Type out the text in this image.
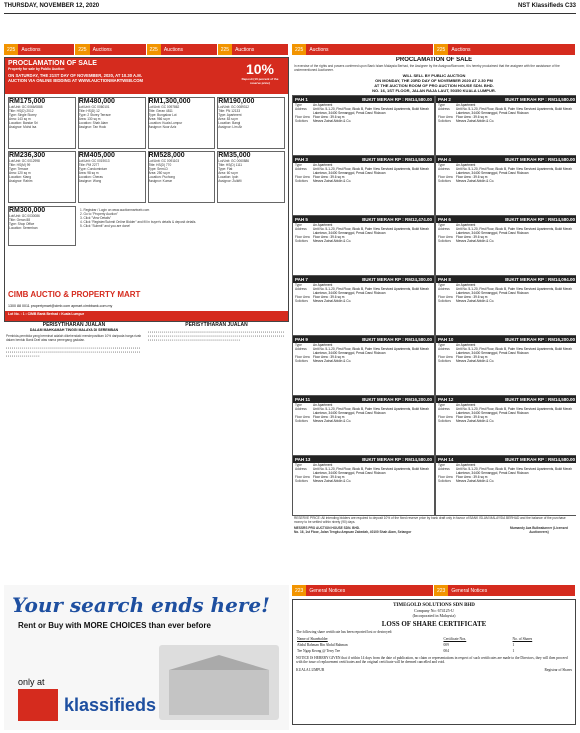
THURSDAY, NOVEMBER 12, 2020	NST Klassifieds C33
225	Auctions	225	Auctions	225	Auctions	225	Auctions	225	Auctions	225	Auctions
PROCLAMATION OF SALE
Property for sale by Public Auction
ON SATURDAY, THE 21ST DAY OF NOVEMBER, 2020, AT 10.30 A.M.
AUCTION VIA ONLINE BIDDING AT WWW.AUCTIONMARTWEB.COM
10%
Deposit (10 percent of the reserve price)
RM175,000
Lot/Unit: GC 0066/0888
Title: HS(D) 2012
Type: Single Storey
Area: 143 sq m
Location: Bandar Sri
Assignor: Mohd Isa
RM480,000
Lot/Unit: GC 0060101
Title: HS(D) 12
Type: 2 Storey Terrace
Area: 130 sq m
Location: Shah Alam
Assignor: Tan Hock
RM1,300,000
Lot/Unit: GC 0097862
Title: Geran 4811
Type: Bungalow Lot
Area: 966 sq m
Location: Kuala Lumpur
Assignor: Noor Aziz
RM190,000
Lot/Unit: GC 0089312
Title: PN 12133
Type: Apartment
Area: 83 sq m
Location: Bangi
Assignor: Lim Ah
RM236,300
Lot/Unit: GC 0012998
Title: HS(M) 99
Type: Terrace
Area: 120 sq m
Location: Klang
Assignor: Rahim
RM405,000
Lot/Unit: GC 0019013
Title: PM 2277
Type: Condominium
Area: 98 sq m
Location: Cheras
Assignor: Wong
RM528,000
Lot/Unit: GC 0091103
Title: HS(D) 770
Type: Semi-D
Area: 250 sq m
Location: Puchong
Assignor: Kumar
RM35,000
Lot/Unit: GC 0060886
Title: HS(D) 1111
Type: Flat
Area: 60 sq m
Location: Ipoh
Assignor: Zulkifli
RM300,000
Lot/Unit: GC 0030086
Title: Geran 88
Type: Shop Office
Location: Seremban
1. Registrar / Login on www.auctionmartweb.com
2. Go to "Property Auction"
3. Click "View Details"
4. Click "Register/Submit Online Bidder" and fill in buyer's details & deposit details.
5. Click "Submit" and you are done!
CIMB AUCTIO & PROPERTY MART
1300 88 0011 propertymart@cimb.com apmart.cimbbank.com.my
Lot No. : 1 • CIMB Bank Berhad • Kuala Lumpur
PERISYTIHARAN JUALAN
DALAM MAHKAMAH TINGGI MALAYA DI SEREMBAN
Pembida-pembida yang berminat adalah dikehendaki mendepositkan 10% daripada harga rizab dalam bentuk Bank Draf atas nama pemegang gadaian.
▪ ▪ ▪ ▪ ▪ ▪ ▪ ▪ ▪ ▪ ▪ ▪ ▪ ▪ ▪ ▪ ▪ ▪ ▪ ▪ ▪ ▪ ▪ ▪ ▪ ▪ ▪ ▪ ▪ ▪ ▪ ▪ ▪ ▪ ▪ ▪ ▪ ▪ ▪ ▪ ▪ ▪ ▪ ▪ ▪ ▪ ▪ ▪ ▪ ▪ ▪ ▪ ▪ ▪ ▪ ▪ ▪ ▪ ▪ ▪ ▪ ▪ ▪ ▪ ▪ ▪ ▪ ▪ ▪ ▪ ▪ ▪ ▪ ▪ ▪ ▪ ▪ ▪ ▪ ▪ ▪ ▪ ▪ ▪ ▪ ▪ ▪ ▪ ▪ ▪ ▪ ▪ ▪ ▪ ▪ ▪ ▪ ▪ ▪ ▪ ▪ ▪ ▪ ▪ ▪ ▪ ▪ ▪ ▪ ▪ ▪ ▪ ▪ ▪ ▪ ▪ ▪ ▪ ▪ ▪ ▪ ▪ ▪ ▪ ▪ ▪ ▪ ▪ ▪ ▪ ▪ ▪ ▪ ▪ ▪ ▪ ▪ ▪ ▪ ▪ ▪ ▪ ▪ ▪ ▪ ▪ ▪ ▪ ▪ ▪ ▪
PERISYTIHARAN JUALAN
▪ ▪ ▪ ▪ ▪ ▪ ▪ ▪ ▪ ▪ ▪ ▪ ▪ ▪ ▪ ▪ ▪ ▪ ▪ ▪ ▪ ▪ ▪ ▪ ▪ ▪ ▪ ▪ ▪ ▪ ▪ ▪ ▪ ▪ ▪ ▪ ▪ ▪ ▪ ▪ ▪ ▪ ▪ ▪ ▪ ▪ ▪ ▪ ▪ ▪ ▪ ▪ ▪ ▪ ▪ ▪ ▪ ▪ ▪ ▪ ▪ ▪ ▪ ▪ ▪ ▪ ▪ ▪ ▪ ▪ ▪ ▪ ▪ ▪ ▪ ▪ ▪ ▪ ▪ ▪ ▪ ▪ ▪ ▪ ▪ ▪ ▪ ▪ ▪ ▪ ▪ ▪ ▪ ▪ ▪ ▪ ▪ ▪ ▪ ▪ ▪ ▪ ▪ ▪ ▪ ▪ ▪ ▪ ▪ ▪ ▪ ▪ ▪ ▪ ▪ ▪ ▪ ▪ ▪ ▪ ▪ ▪ ▪ ▪ ▪ ▪ ▪ ▪ ▪ ▪ ▪ ▪ ▪ ▪ ▪ ▪ ▪ ▪ ▪ ▪ ▪ ▪ ▪ ▪ ▪ ▪ ▪ ▪ ▪ ▪ ▪ ▪ ▪ ▪ ▪ ▪ ▪ ▪ ▪ ▪ ▪ ▪ ▪ ▪ ▪ ▪ ▪ ▪ ▪ ▪ ▪ ▪ ▪ ▪ ▪ ▪ ▪ ▪ ▪ ▪ ▪ ▪
PROCLAMATION OF SALE
In exercise of the rights and powers conferred upon Bank Islam Malaysia Berhad, the Assignee by the Assignor/Borrower, it is hereby proclaimed that the assignee with the assistance of the undermentioned Auctioneer.
WILL SELL BY PUBLIC AUCTION
ON MONDAY, THE 23RD DAY OF NOVEMBER 2020 AT 2.30 PM
AT THE AUCTION ROOM OF PRO AUCTION HOUSE SDN. BHD.
NO. 16, 1ST FLOOR, JALAN RAJA LAUT, 50350 KUALA LUMPUR.
PAH 1	BUKIT MERAH RP : RM14,580.00
Type	An Apartment
Address	Unit No. 5-1-20, First Floor, Block B, Palm View Serviced Apartments, Bukit Merah Laketown, 34400 Semanggol, Perak Darul Ridzuan
Floor Area	Floor Area : 39.6 sq m
Solicitors	Messrs Zainal Abidin & Co.
PAH 2	BUKIT MERAH RP : RM14,580.00
Type	An Apartment
Address	Unit No. 5-1-20, First Floor, Block B, Palm View Serviced Apartments, Bukit Merah Laketown, 34400 Semanggol, Perak Darul Ridzuan
Floor Area	Floor Area : 39.6 sq m
Solicitors	Messrs Zainal Abidin & Co.
PAH 3	BUKIT MERAH RP : RM14,580.00
Type	An Apartment
Address	Unit No. 5-1-20, First Floor, Block B, Palm View Serviced Apartments, Bukit Merah Laketown, 34400 Semanggol, Perak Darul Ridzuan
Floor Area	Floor Area : 39.6 sq m
Solicitors	Messrs Zainal Abidin & Co.
PAH 4	BUKIT MERAH RP : RM14,580.00
Type	An Apartment
Address	Unit No. 5-1-20, First Floor, Block B, Palm View Serviced Apartments, Bukit Merah Laketown, 34400 Semanggol, Perak Darul Ridzuan
Floor Area	Floor Area : 39.6 sq m
Solicitors	Messrs Zainal Abidin & Co.
PAH 5	BUKIT MERAH RP : RM12,474.00
Type	An Apartment
Address	Unit No. 5-1-20, First Floor, Block B, Palm View Serviced Apartments, Bukit Merah Laketown, 34400 Semanggol, Perak Darul Ridzuan
Floor Area	Floor Area : 39.6 sq m
Solicitors	Messrs Zainal Abidin & Co.
PAH 6	BUKIT MERAH RP : RM14,580.00
Type	An Apartment
Address	Unit No. 5-1-20, First Floor, Block B, Palm View Serviced Apartments, Bukit Merah Laketown, 34400 Semanggol, Perak Darul Ridzuan
Floor Area	Floor Area : 39.6 sq m
Solicitors	Messrs Zainal Abidin & Co.
PAH 7	BUKIT MERAH RP : RM24,300.00
Type	An Apartment
Address	Unit No. 5-1-20, First Floor, Block B, Palm View Serviced Apartments, Bukit Merah Laketown, 34400 Semanggol, Perak Darul Ridzuan
Floor Area	Floor Area : 39.6 sq m
Solicitors	Messrs Zainal Abidin & Co.
PAH 8	BUKIT MERAH RP : RM14,094.00
Type	An Apartment
Address	Unit No. 5-1-20, First Floor, Block B, Palm View Serviced Apartments, Bukit Merah Laketown, 34400 Semanggol, Perak Darul Ridzuan
Floor Area	Floor Area : 39.6 sq m
Solicitors	Messrs Zainal Abidin & Co.
PAH 9	BUKIT MERAH RP : RM14,580.00
Type	An Apartment
Address	Unit No. 5-1-20, First Floor, Block B, Palm View Serviced Apartments, Bukit Merah Laketown, 34400 Semanggol, Perak Darul Ridzuan
Floor Area	Floor Area : 39.6 sq m
Solicitors	Messrs Zainal Abidin & Co.
PAH 10	BUKIT MERAH RP : RM16,200.00
Type	An Apartment
Address	Unit No. 5-1-20, First Floor, Block B, Palm View Serviced Apartments, Bukit Merah Laketown, 34400 Semanggol, Perak Darul Ridzuan
Floor Area	Floor Area : 39.6 sq m
Solicitors	Messrs Zainal Abidin & Co.
PAH 11	BUKIT MERAH RP : RM16,200.00
Type	An Apartment
Address	Unit No. 5-1-20, First Floor, Block B, Palm View Serviced Apartments, Bukit Merah Laketown, 34400 Semanggol, Perak Darul Ridzuan
Floor Area	Floor Area : 39.6 sq m
Solicitors	Messrs Zainal Abidin & Co.
PAH 12	BUKIT MERAH RP : RM14,580.00
Type	An Apartment
Address	Unit No. 5-1-20, First Floor, Block B, Palm View Serviced Apartments, Bukit Merah Laketown, 34400 Semanggol, Perak Darul Ridzuan
Floor Area	Floor Area : 39.6 sq m
Solicitors	Messrs Zainal Abidin & Co.
PAH 13	BUKIT MERAH RP : RM14,580.00
Type	An Apartment
Address	Unit No. 5-1-20, First Floor, Block B, Palm View Serviced Apartments, Bukit Merah Laketown, 34400 Semanggol, Perak Darul Ridzuan
Floor Area	Floor Area : 39.6 sq m
Solicitors	Messrs Zainal Abidin & Co.
PAH 14	BUKIT MERAH RP : RM14,580.00
Type	An Apartment
Address	Unit No. 5-1-20, First Floor, Block B, Palm View Serviced Apartments, Bukit Merah Laketown, 34400 Semanggol, Perak Darul Ridzuan
Floor Area	Floor Area : 39.6 sq m
Solicitors	Messrs Zainal Abidin & Co.
RESERVE PRICE: All intending bidders are required to deposit 10% of the fixed reserve price by bank draft only in favour of BANK ISLAM MALAYSIA BERHAD and the balance of the purchase money to be settled within ninety (90) days.
MESSRS PRO AUCTION HOUSE SDN. BHD.
No. 16, 1st Floor, Jalan Tengku Ampuan Zabedah, 40100 Shah Alam, Selangor
Mumandy Aza Bullwalunner (Licensed Auctioneers)
Your search ends here!
Rent or Buy with MORE CHOICES than ever before
only at
klassifieds
223	General Notices	223	General Notices
TIMEGOLD SOLUTIONS SDN BHD
Company No: 674125-U
(Incorporated in Malaysia)
LOSS OF SHARE CERTIFICATE
The following share certificate has been reported lost or destroyed:
Name of Shareholder	Certificate Nos.	No. of Shares
Abdul Rahman Bin Abdul Rahman	009	1
Tee Ngap Keong @ Terry Tee	004	1
NOTICE IS HEREBY GIVEN that if within 14 days from the date of publication, no claim or representations in respect of such certificates are made to the Directors, they will then proceed with the issue of replacement certificates and the original certificate will be deemed cancelled and void.
KUALA LUMPUR	Registrar of Shares
